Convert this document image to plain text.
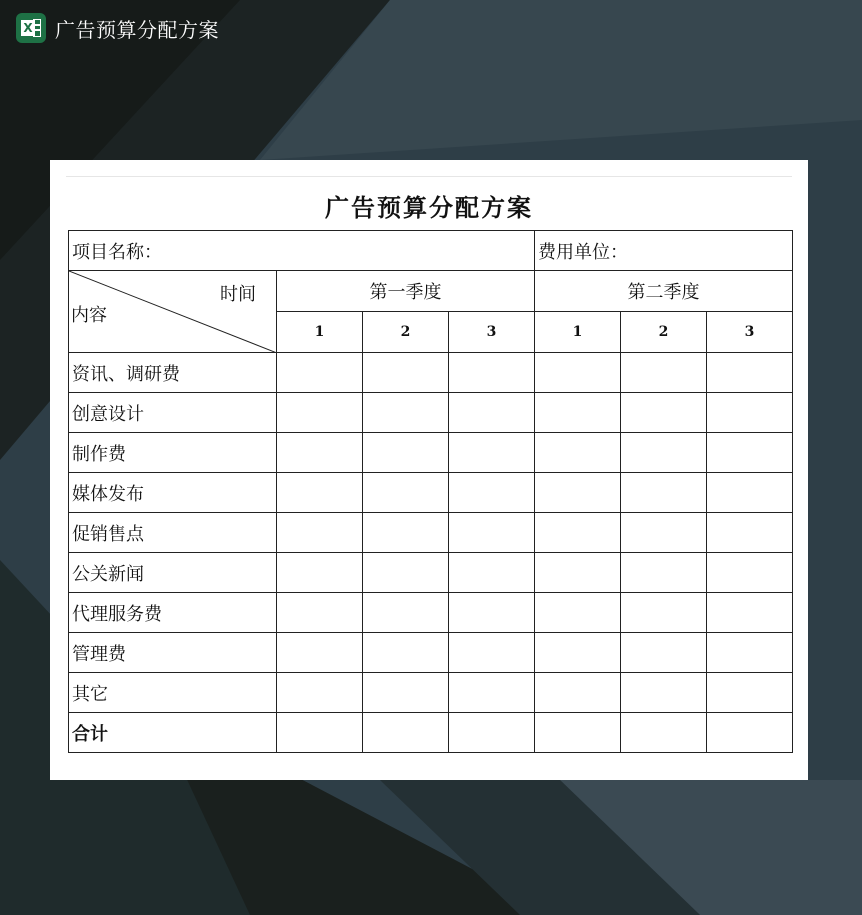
X 广告预算分配方案
广告预算分配方案
项目名称：				费用单位：		

时间
内容	第一季度			第二季度		
	1	2	3	1	2	3
资讯、调研费						
创意设计						
制作费						
媒体发布						
促销售点						
公关新闻						
代理服务费						
管理费						
其它						
合计						
